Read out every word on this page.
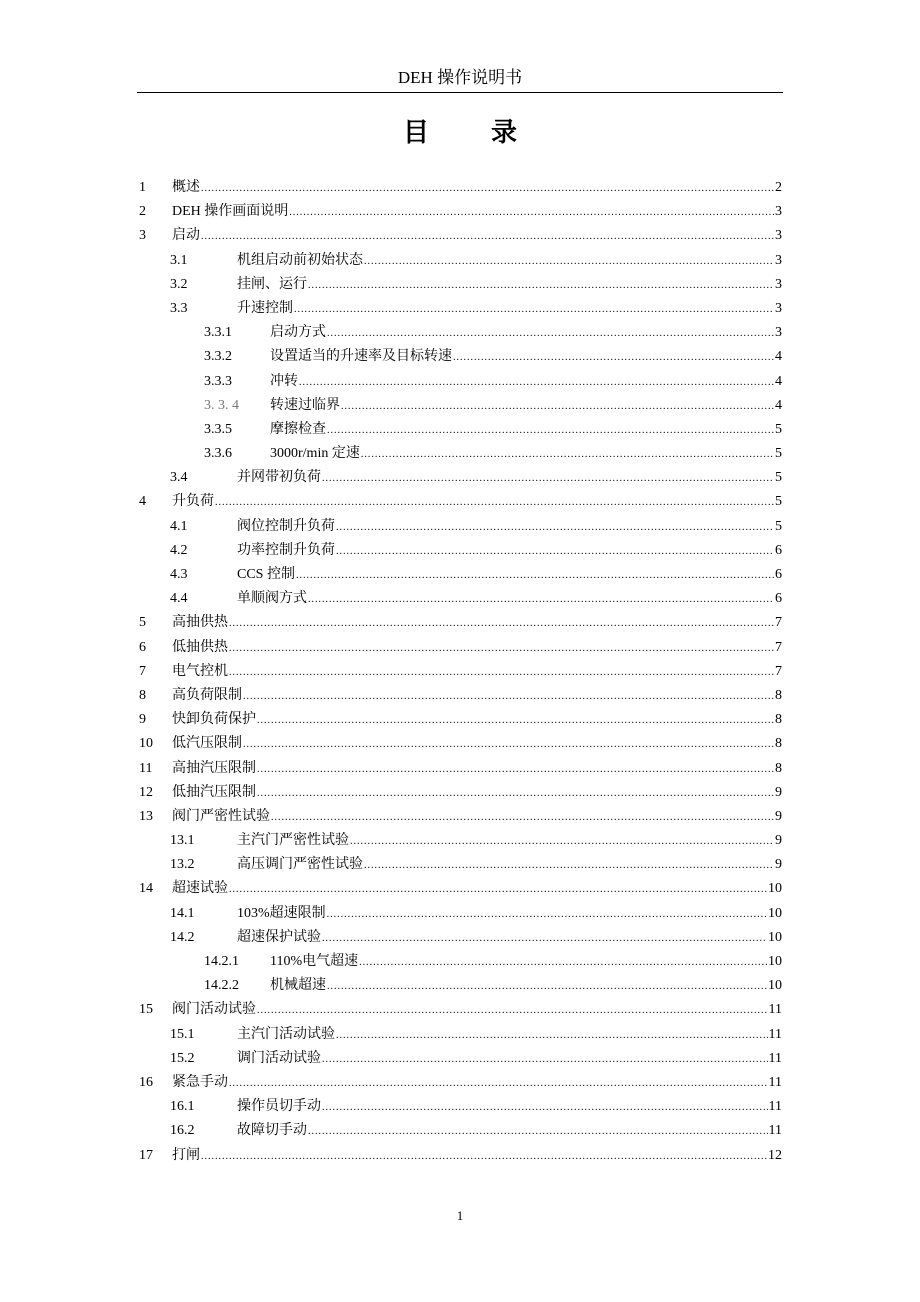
DEH 操作说明书
目 录
1 概述 .....	2
2 DEH 操作画面说明 .....	3
3 启动 .....	3
3.1	机组启动前初始状态 .....	3
3.2	挂闸、运行 .....	3
3.3	升速控制 .....	3
3.3.1	启动方式 .....	3
3.3.2	设置适当的升速率及目标转速 .....	4
3.3.3	冲转 .....	4
3. 3. 4 转速过临界 .....	4
3.3.5	摩擦检查 .....	5
3.3.6	3000r/min 定速 .....	5
3.4	并网带初负荷 .....	5
4 升负荷 .....	5
4.1	阀位控制升负荷 .....	5
4.2	功率控制升负荷 .....	6
4.3	CCS 控制 .....	6
4.4	单顺阀方式 .....	6
5 高抽供热 .....	7
6 低抽供热 .....	7
7 电气控机 .....	7
8 高负荷限制 .....	8
9 快卸负荷保护 .....	8
10 低汽压限制 .....	8
11 高抽汽压限制 .....	8
12 低抽汽压限制 .....	9
13 阀门严密性试验 .....	9
13.1	主汽门严密性试验 .....	9
13.2	高压调门严密性试验 .....	9
14 超速试验 .....	10
14.1	103%超速限制 .....	10
14.2	超速保护试验 .....	10
14.2.1 110%电气超速 .....	10
14.2.2 机械超速 .....	10
15 阀门活动试验 .....	11
15.1	主汽门活动试验 .....	11
15.2	调门活动试验 .....	11
16 紧急手动 .....	11
16.1	操作员切手动 .....	11
16.2	故障切手动 .....	11
17 打闸 .....	12
1
